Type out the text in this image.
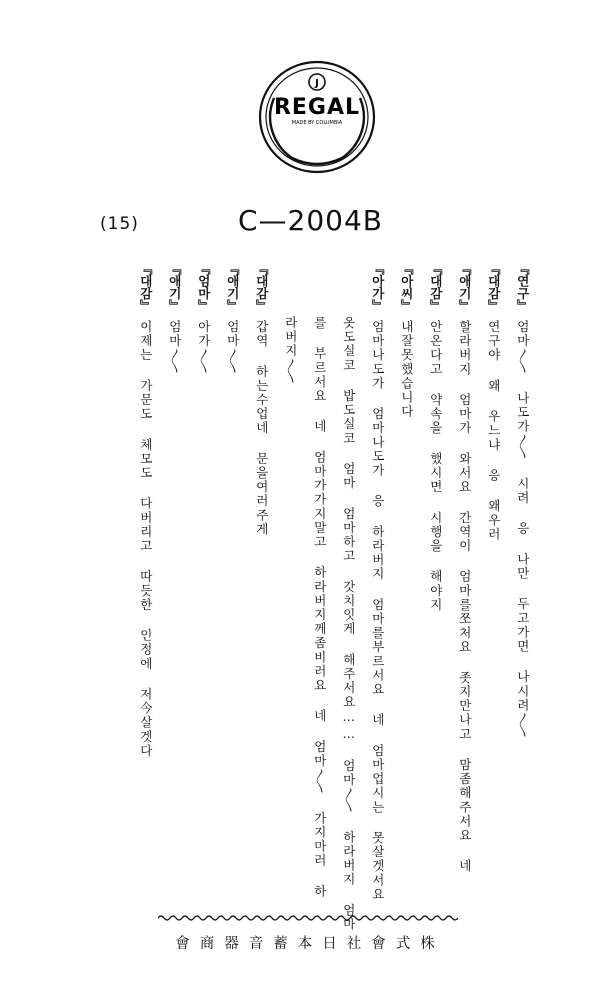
J
REGAL
MADE BY COLUMBIA
(15)	C—2004B
『연구』
엄마〳〵 나도가〳〵 시려 응 나만 두고가면 나시려〳〵
『대감』
연구야 왜 우느냐 응 왜우러
『애기』
할라버지 엄마가 와서요 간역이 엄마를쪼처요 좃지만나고 맘좀해주서요 네
『대감』
안온다고 약속을 했시면 시행을 해야지
『아씨』
내잘못했습니다
『아가』
엄마나도가 엄마나도가 응 하라버지 엄마를부르서요 네 엄마업시는 못살겟서요
옷도실코 밥도실코 엄마 엄마하고 갓치잇게 해주서요…… 엄마〳〵 하라버지 엄마
를 부르서요 네 엄마가가지말고 하라버지께좀비러요 네 엄마〳〵 가지마러 하
라버지〳〵
『대감』
갑역 하는수업네 문을여러주게
『애기』
엄마〳〵
『엄마』
아가〳〵
『애기』
엄마〳〵
『대감』
이제는 가문도 체모도 다버리고 따듯한 인정에 저今살겟다
會商器音蓄本日社會式株
